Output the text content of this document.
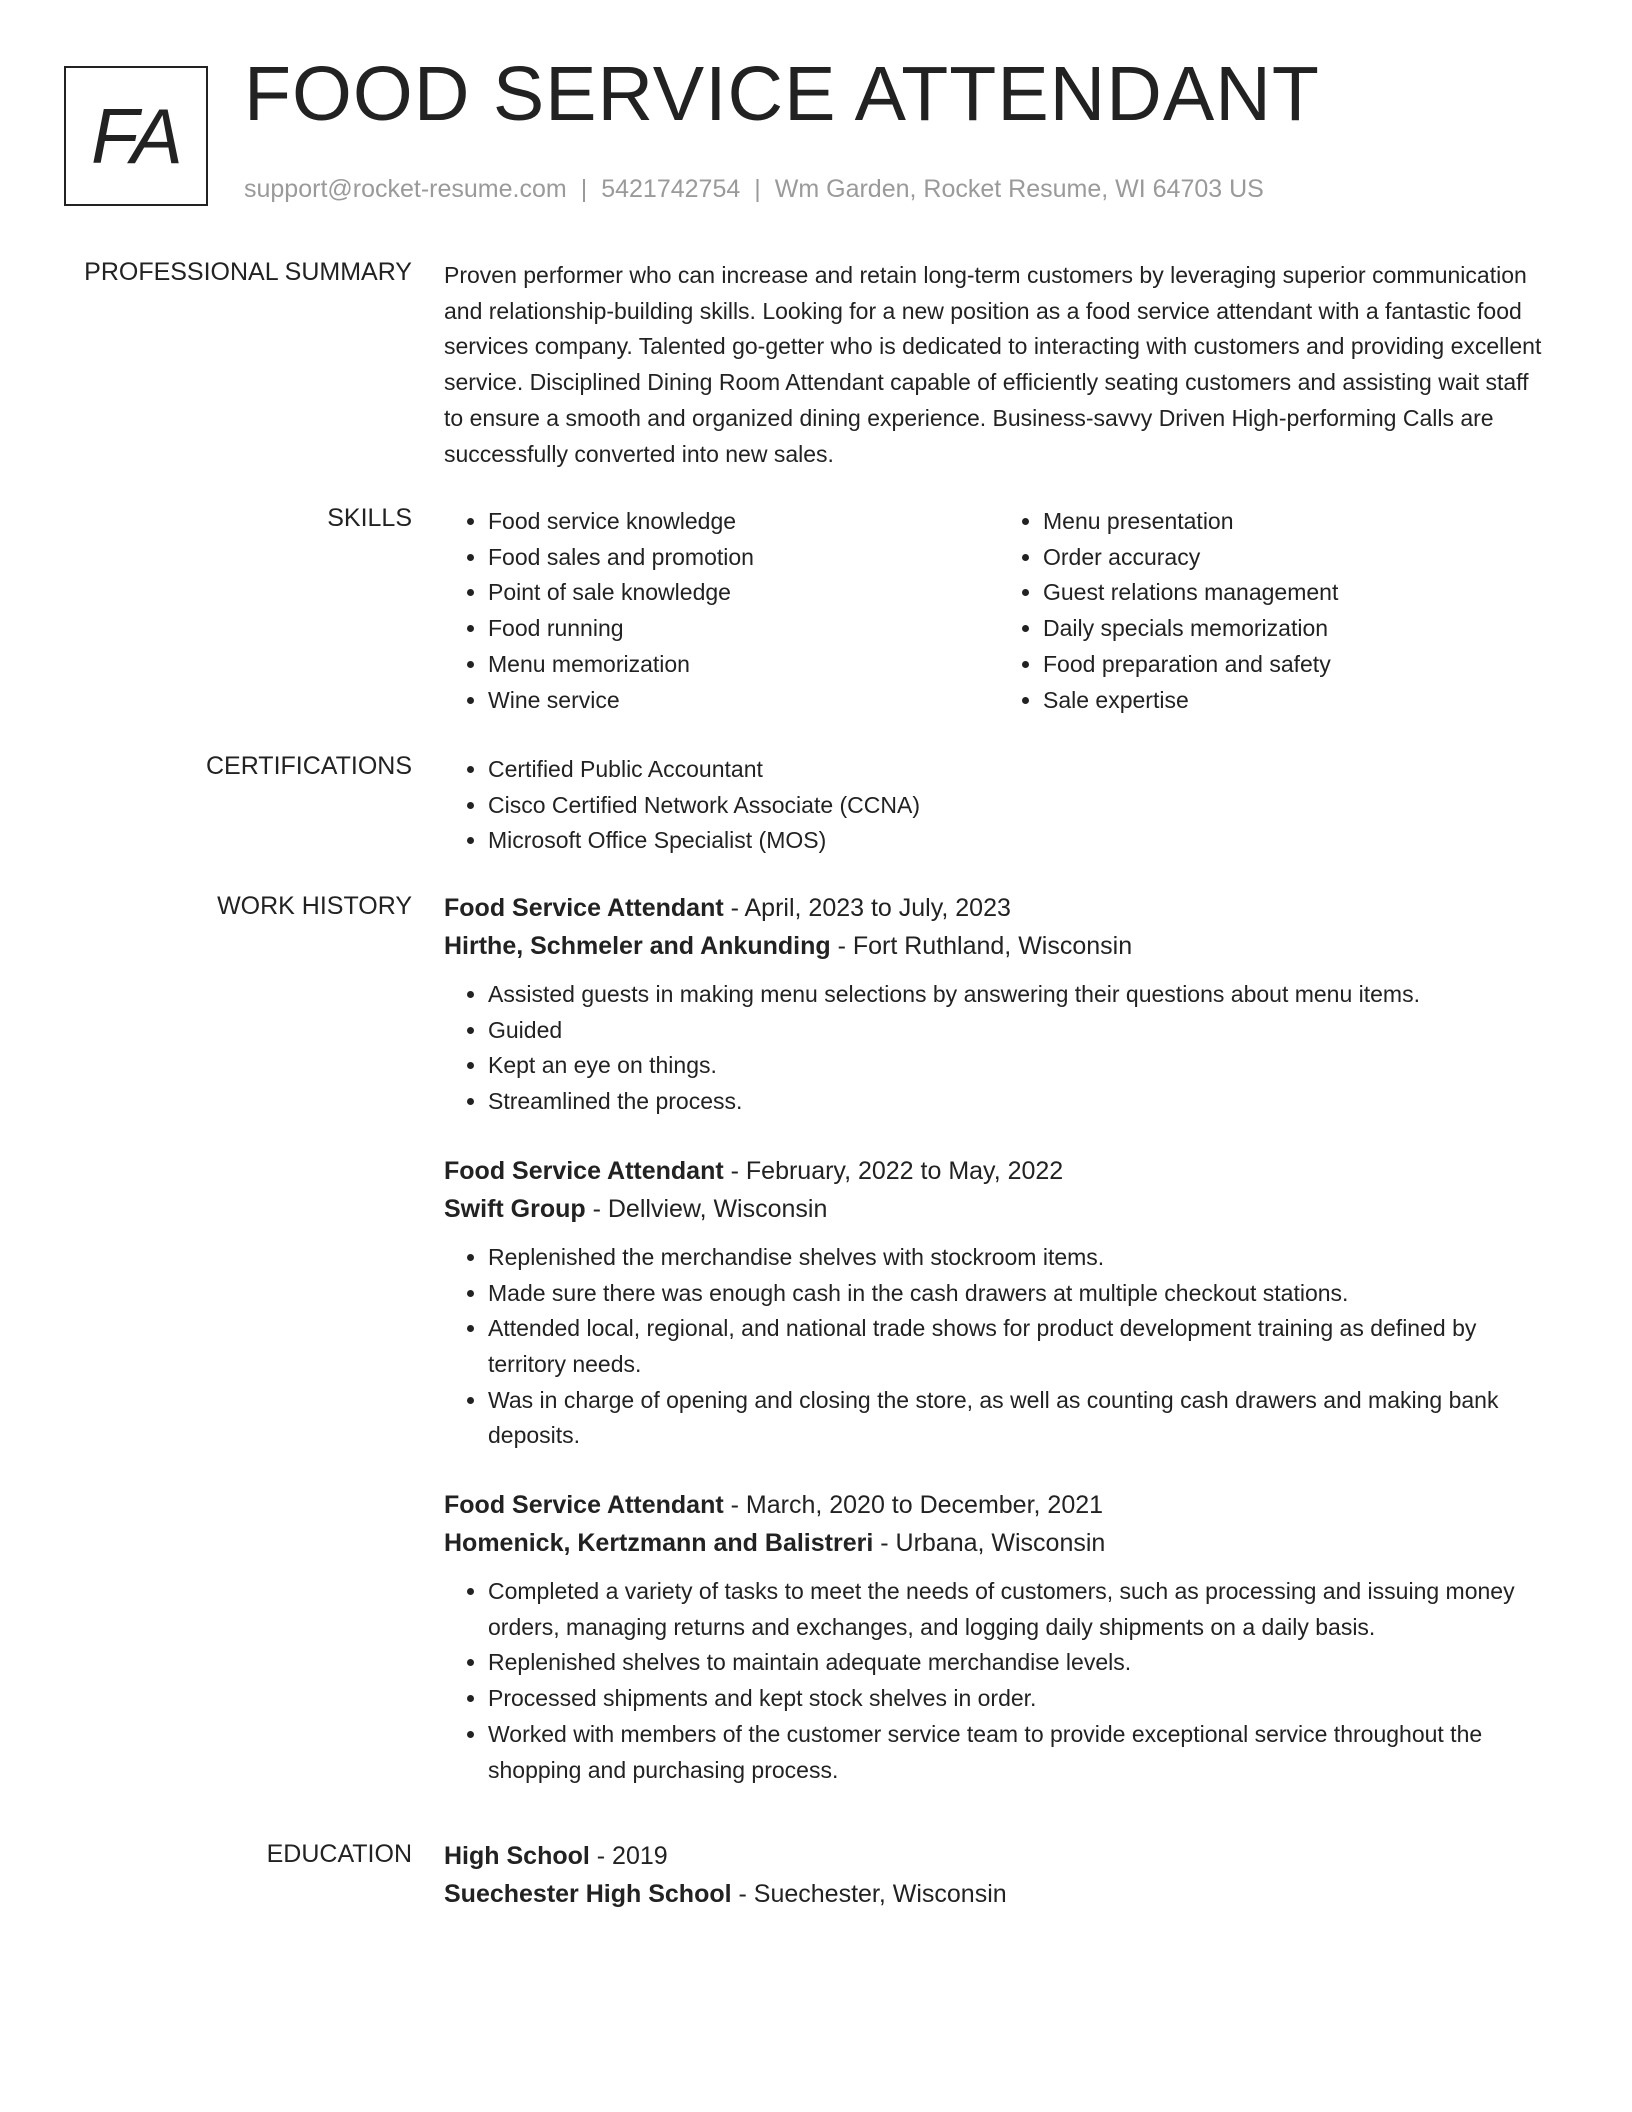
FA FOOD SERVICE ATTENDANT
support@rocket-resume.com | 5421742754 | Wm Garden, Rocket Resume, WI 64703 US
PROFESSIONAL SUMMARY Proven performer who can increase and retain long-term customers by leveraging superior communication and relationship-building skills. Looking for a new position as a food service attendant with a fantastic food services company. Talented go-getter who is dedicated to interacting with customers and providing excellent service. Disciplined Dining Room Attendant capable of efficiently seating customers and assisting wait staff to ensure a smooth and organized dining experience. Business-savvy Driven High-performing Calls are successfully converted into new sales.
SKILLS	• Food service knowledge
• Food sales and promotion
• Point of sale knowledge
• Food running
• Menu memorization
• Wine service
• Menu presentation
• Order accuracy
• Guest relations management
• Daily specials memorization
• Food preparation and safety
• Sale expertise
CERTIFICATIONS	• Certified Public Accountant
• Cisco Certified Network Associate (CCNA)
• Microsoft Office Specialist (MOS)
WORK HISTORY Food Service Attendant - April, 2023 to July, 2023
Hirthe, Schmeler and Ankunding - Fort Ruthland, Wisconsin
• Assisted guests in making menu selections by answering their questions about menu items.
• Guided
• Kept an eye on things.
• Streamlined the process.
Food Service Attendant - February, 2022 to May, 2022
Swift Group - Dellview, Wisconsin
• Replenished the merchandise shelves with stockroom items.
• Made sure there was enough cash in the cash drawers at multiple checkout stations.
• Attended local, regional, and national trade shows for product development training as defined by territory needs.
• Was in charge of opening and closing the store, as well as counting cash drawers and making bank deposits.
Food Service Attendant - March, 2020 to December, 2021
Homenick, Kertzmann and Balistreri - Urbana, Wisconsin
• Completed a variety of tasks to meet the needs of customers, such as processing and issuing money orders, managing returns and exchanges, and logging daily shipments on a daily basis.
• Replenished shelves to maintain adequate merchandise levels.
• Processed shipments and kept stock shelves in order.
• Worked with members of the customer service team to provide exceptional service throughout the shopping and purchasing process.
EDUCATION High School - 2019
Suechester High School - Suechester, Wisconsin
